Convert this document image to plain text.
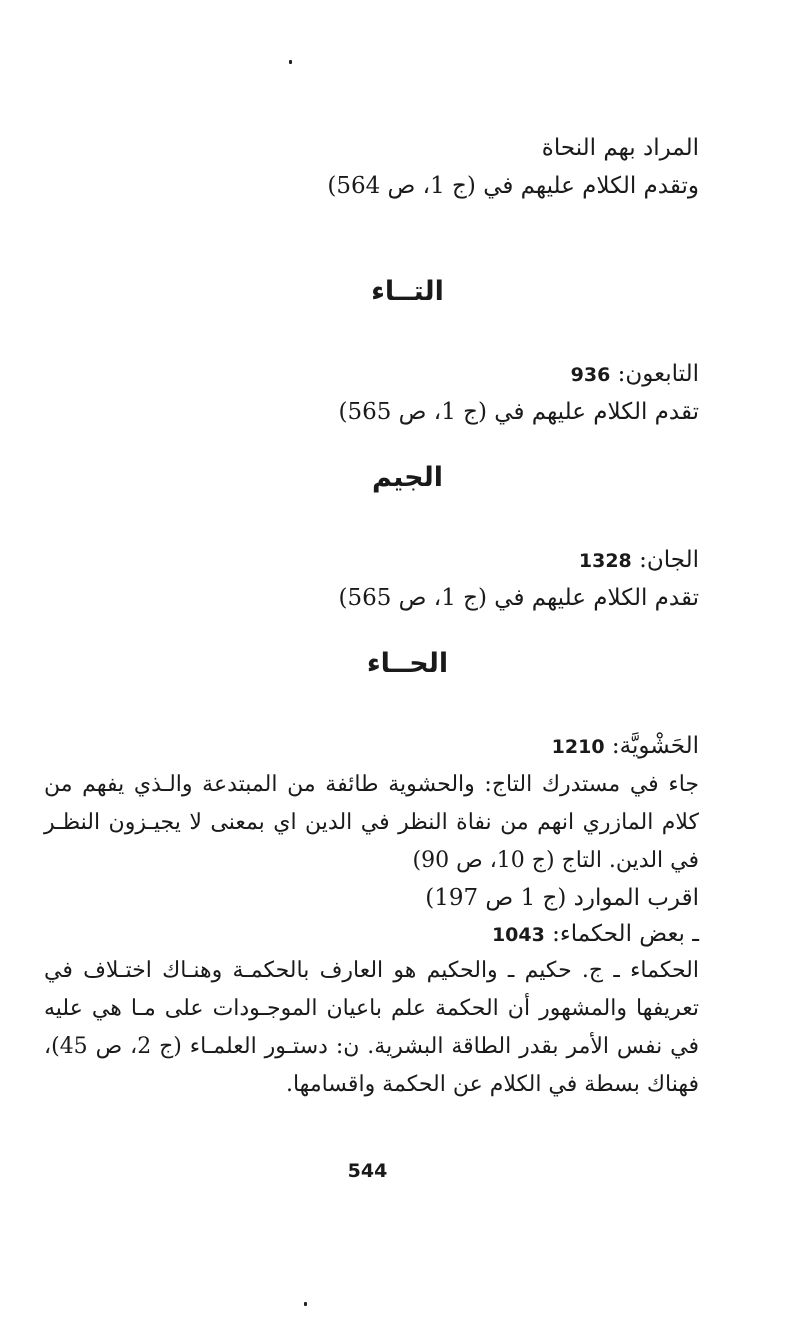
المراد بهم النحاة
وتقدم الكلام عليهم في (ج 1، ص 564)
التــاء
التابعون: 936
تقدم الكلام عليهم في (ج 1، ص 565)
الجيم
الجان: 1328
تقدم الكلام عليهم في (ج 1، ص 565)
الحــاء
الحَشْويَّة: 1210
جاء في مستدرك التاج: والحشوية طائفة من المبتدعة والـذي يفهم من كلام المازري انهم من نفاة النظر في الدين اي بمعنى لا يجيـزون النظـر في الدين. التاج (ج 10، ص 90)
اقرب الموارد (ج 1 ص 197)
ـ بعض الحكماء: 1043
الحكماء ـ ج. حكيم ـ والحكيم هو العارف بالحكمـة وهنـاك اختـلاف في تعريفها والمشهور أن الحكمة علم باعيان الموجـودات على مـا هي عليه في نفس الأمر بقدر الطاقة البشرية. ن: دستـور العلمـاء (ج 2، ص 45)، فهناك بسطة في الكلام عن الحكمة واقسامها.
544
